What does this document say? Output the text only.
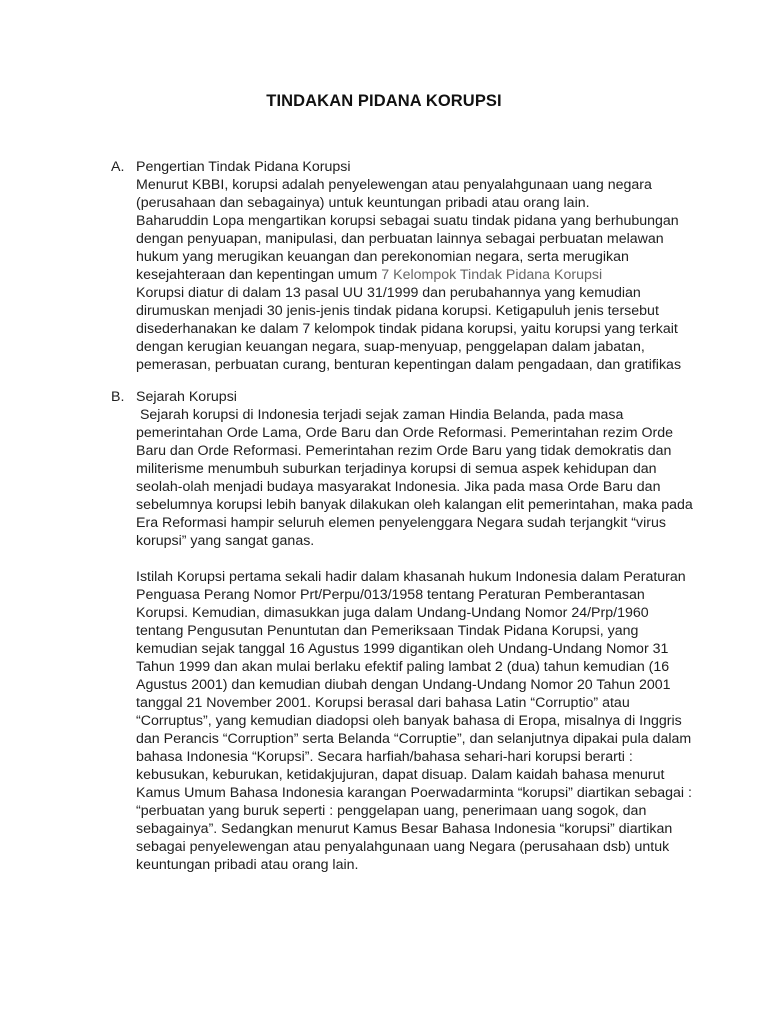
TINDAKAN PIDANA KORUPSI
A. Pengertian Tindak Pidana Korupsi
Menurut KBBI, korupsi adalah penyelewengan atau penyalahgunaan uang negara
(perusahaan dan sebagainya) untuk keuntungan pribadi atau orang lain.
Baharuddin Lopa mengartikan korupsi sebagai suatu tindak pidana yang berhubungan
dengan penyuapan, manipulasi, dan perbuatan lainnya sebagai perbuatan melawan
hukum yang merugikan keuangan dan perekonomian negara, serta merugikan
kesejahteraan dan kepentingan umum 7 Kelompok Tindak Pidana Korupsi
Korupsi diatur di dalam 13 pasal UU 31/1999 dan perubahannya yang kemudian
dirumuskan menjadi 30 jenis-jenis tindak pidana korupsi. Ketigapuluh jenis tersebut
disederhanakan ke dalam 7 kelompok tindak pidana korupsi, yaitu korupsi yang terkait
dengan kerugian keuangan negara, suap-menyuap, penggelapan dalam jabatan,
pemerasan, perbuatan curang, benturan kepentingan dalam pengadaan, dan gratifikas
B. Sejarah Korupsi
Sejarah korupsi di Indonesia terjadi sejak zaman Hindia Belanda, pada masa
pemerintahan Orde Lama, Orde Baru dan Orde Reformasi. Pemerintahan rezim Orde
Baru dan Orde Reformasi. Pemerintahan rezim Orde Baru yang tidak demokratis dan
militerisme menumbuh suburkan terjadinya korupsi di semua aspek kehidupan dan
seolah-olah menjadi budaya masyarakat Indonesia. Jika pada masa Orde Baru dan
sebelumnya korupsi lebih banyak dilakukan oleh kalangan elit pemerintahan, maka pada
Era Reformasi hampir seluruh elemen penyelenggara Negara sudah terjangkit “virus
korupsi” yang sangat ganas.
Istilah Korupsi pertama sekali hadir dalam khasanah hukum Indonesia dalam Peraturan
Penguasa Perang Nomor Prt/Perpu/013/1958 tentang Peraturan Pemberantasan
Korupsi. Kemudian, dimasukkan juga dalam Undang-Undang Nomor 24/Prp/1960
tentang Pengusutan Penuntutan dan Pemeriksaan Tindak Pidana Korupsi, yang
kemudian sejak tanggal 16 Agustus 1999 digantikan oleh Undang-Undang Nomor 31
Tahun 1999 dan akan mulai berlaku efektif paling lambat 2 (dua) tahun kemudian (16
Agustus 2001) dan kemudian diubah dengan Undang-Undang Nomor 20 Tahun 2001
tanggal 21 November 2001. Korupsi berasal dari bahasa Latin “Corruptio” atau
“Corruptus”, yang kemudian diadopsi oleh banyak bahasa di Eropa, misalnya di Inggris
dan Perancis “Corruption” serta Belanda “Corruptie”, dan selanjutnya dipakai pula dalam
bahasa Indonesia “Korupsi”. Secara harfiah/bahasa sehari-hari korupsi berarti :
kebusukan, keburukan, ketidakjujuran, dapat disuap. Dalam kaidah bahasa menurut
Kamus Umum Bahasa Indonesia karangan Poerwadarminta “korupsi” diartikan sebagai :
“perbuatan yang buruk seperti : penggelapan uang, penerimaan uang sogok, dan
sebagainya”. Sedangkan menurut Kamus Besar Bahasa Indonesia “korupsi” diartikan
sebagai penyelewengan atau penyalahgunaan uang Negara (perusahaan dsb) untuk
keuntungan pribadi atau orang lain.
